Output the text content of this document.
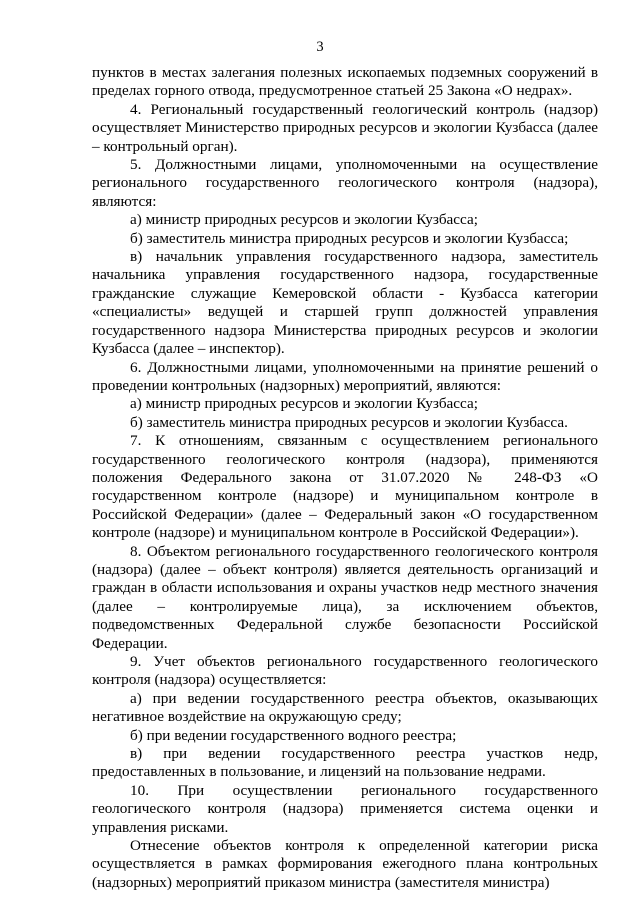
3

пунктов в местах залегания полезных ископаемых подземных сооружений в пределах горного отвода, предусмотренное статьей 25 Закона «О недрах».

4. Региональный государственный геологический контроль (надзор) осуществляет Министерство природных ресурсов и экологии Кузбасса (далее – контрольный орган).

5. Должностными лицами, уполномоченными на осуществление регионального государственного геологического контроля (надзора), являются:

а) министр природных ресурсов и экологии Кузбасса;

б) заместитель министра природных ресурсов и экологии Кузбасса;

в) начальник управления государственного надзора, заместитель начальника управления государственного надзора, государственные гражданские служащие Кемеровской области - Кузбасса категории «специалисты» ведущей и старшей групп должностей управления государственного надзора Министерства природных ресурсов и экологии Кузбасса (далее – инспектор).

6. Должностными лицами, уполномоченными на принятие решений о проведении контрольных (надзорных) мероприятий, являются:

а) министр природных ресурсов и экологии Кузбасса;

б) заместитель министра природных ресурсов и экологии Кузбасса.

7. К отношениям, связанным с осуществлением регионального государственного геологического контроля (надзора), применяются положения Федерального закона от 31.07.2020 № 248-ФЗ «О государственном контроле (надзоре) и муниципальном контроле в Российской Федерации» (далее – Федеральный закон «О государственном контроле (надзоре) и муниципальном контроле в Российской Федерации»).

8. Объектом регионального государственного геологического контроля (надзора) (далее – объект контроля) является деятельность организаций и граждан в области использования и охраны участков недр местного значения (далее – контролируемые лица), за исключением объектов, подведомственных Федеральной службе безопасности Российской Федерации.

9. Учет объектов регионального государственного геологического контроля (надзора) осуществляется:

а) при ведении государственного реестра объектов, оказывающих негативное воздействие на окружающую среду;

б) при ведении государственного водного реестра;

в) при ведении государственного реестра участков недр, предоставленных в пользование, и лицензий на пользование недрами.

10. При осуществлении регионального государственного геологического контроля (надзора) применяется система оценки и управления рисками.

Отнесение объектов контроля к определенной категории риска осуществляется в рамках формирования ежегодного плана контрольных (надзорных) мероприятий приказом министра (заместителя министра)
